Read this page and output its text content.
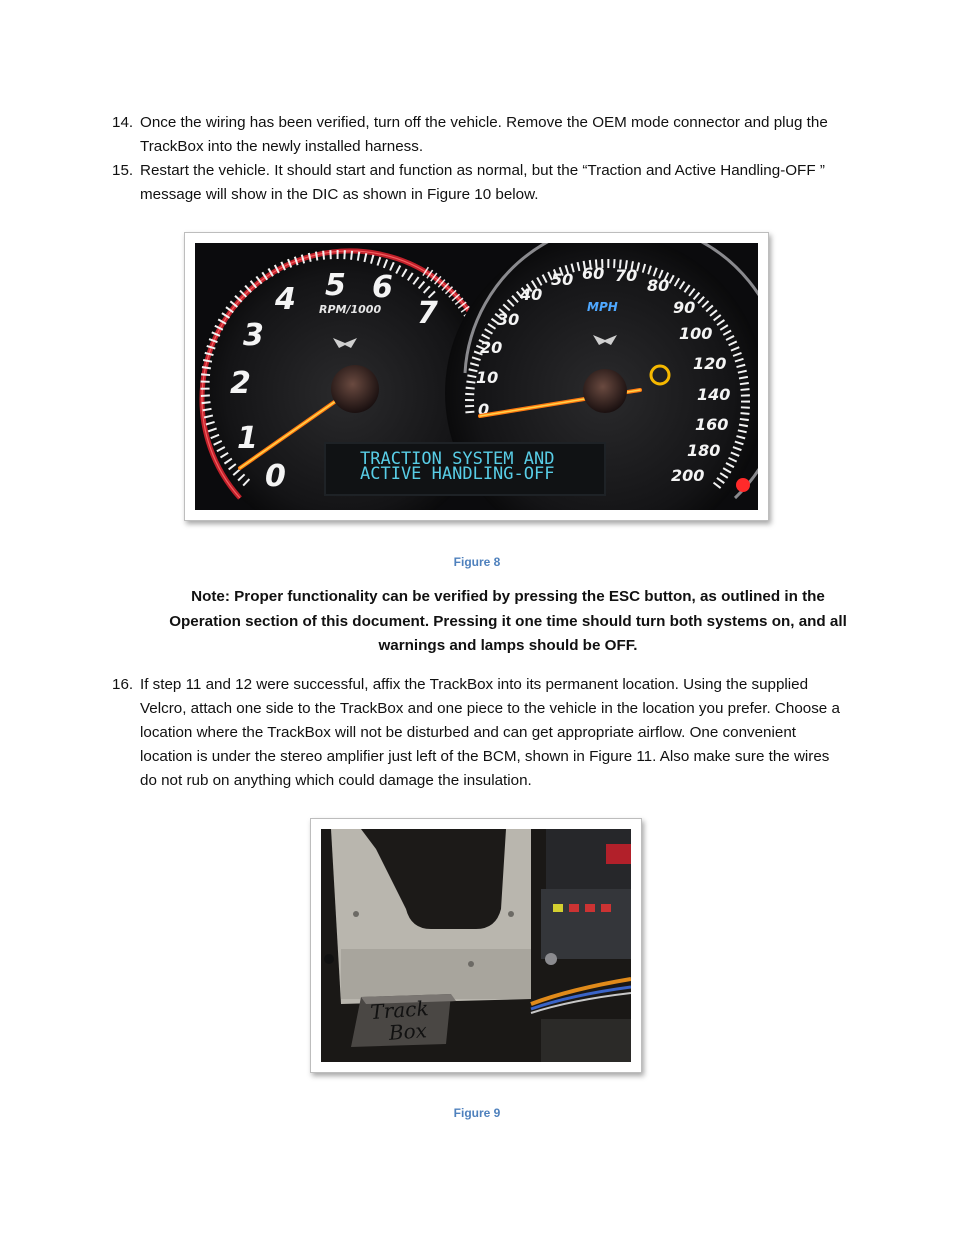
14. Once the wiring has been verified, turn off the vehicle. Remove the OEM mode connector and plug the TrackBox into the newly installed harness.
15. Restart the vehicle. It should start and function as normal, but the “Traction and Active Handling-OFF ” message will show in the DIC as shown in Figure 10 below.
0
1
2
3
4 5 6
7
RPM/1000
0
10
20
30
40
50 60 70
80
90
100
120
140
160
180
200
MPH
TRACTION SYSTEM AND
ACTIVE HANDLING-OFF
Figure 8
Note: Proper functionality can be verified by pressing the ESC button, as outlined in the Operation section of this document. Pressing it one time should turn both systems on, and all warnings and lamps should be OFF.
16. If step 11 and 12 were successful, affix the TrackBox into its permanent location. Using the supplied Velcro, attach one side to the TrackBox and one piece to the vehicle in the location you prefer. Choose a location where the TrackBox will not be disturbed and can get appropriate airflow. One convenient location is under the stereo amplifier just left of the BCM, shown in Figure 11. Also make sure the wires do not rub on anything which could damage the insulation.
Track
Box
Figure 9
